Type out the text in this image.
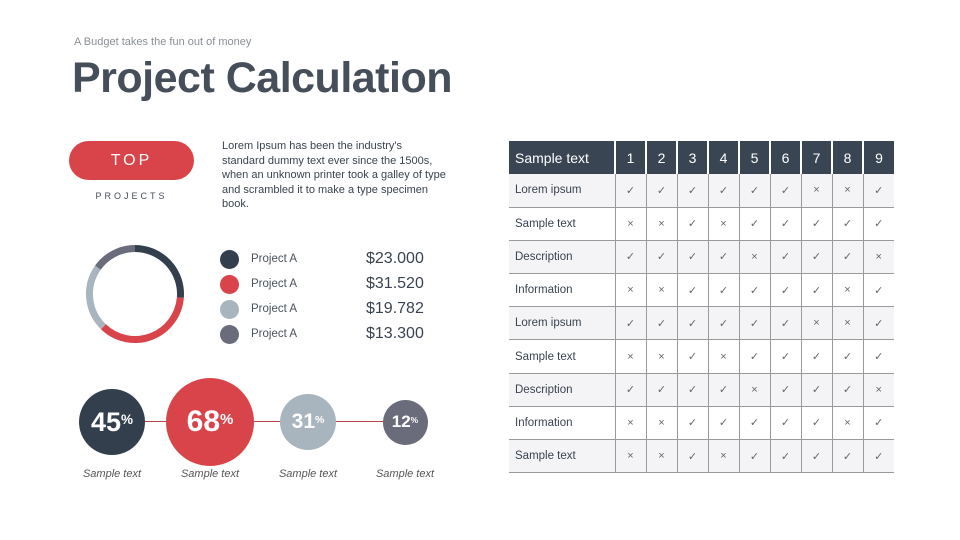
A Budget takes the fun out of money
Project Calculation
TOP
PROJECTS
Lorem Ipsum has been the industry's standard dummy text ever since the 1500s, when an unknown printer took a galley of type and scrambled it to make a type specimen book.
Project A	$23.000
Project A	$31.520
Project A	$19.782
Project A	$13.300
45%
Sample text
68%
Sample text
31%
Sample text
12%
Sample text
Sample text	1	2	3	4	5	6	7	8	9
Lorem ipsum	✓	✓	✓	✓	✓	✓	×	×	✓
Sample text	×	×	✓	×	✓	✓	✓	✓	✓
Description	✓	✓	✓	✓	×	✓	✓	✓	×
Information	×	×	✓	✓	✓	✓	✓	×	✓
Lorem ipsum	✓	✓	✓	✓	✓	✓	×	×	✓
Sample text	×	×	✓	×	✓	✓	✓	✓	✓
Description	✓	✓	✓	✓	×	✓	✓	✓	×
Information	×	×	✓	✓	✓	✓	✓	×	✓
Sample text	×	×	✓	×	✓	✓	✓	✓	✓
